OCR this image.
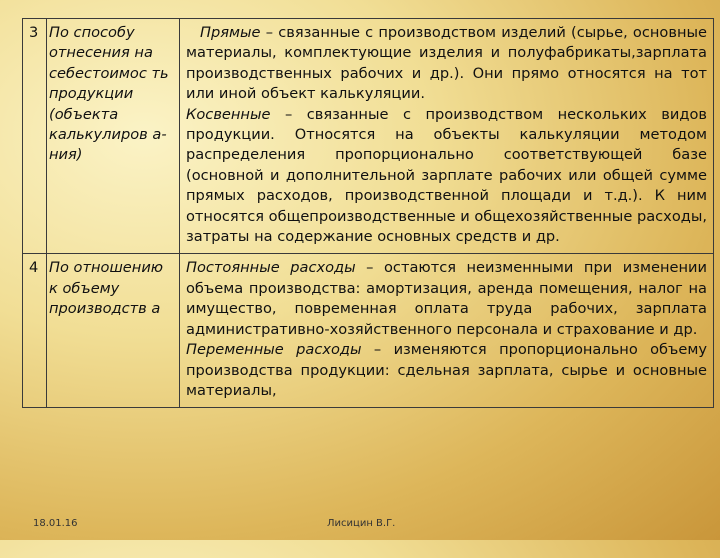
3	По способу отнесения на себестоимос ть продукции (объекта калькулиров а-ния)	Прямые – связанные с производством изделий (сырье, основные материалы, комплектующие изделия и полуфабрикаты,зарплата производственных рабочих и др.). Они прямо относятся на тот или иной объект калькуляции.
Косвенные – связанные с производством нескольких видов продукции. Относятся на объекты калькуляции методом распределения пропорционально соответствующей базе (основной и дополнительной зарплате рабочих или общей сумме прямых расходов, производственной площади и т.д.). К ним относятся общепроизводственные и общехозяйственные расходы, затраты на содержание основных средств и др.

4	По отношению к объему производств а	Постоянные расходы – остаются неизменными при изменении объема производства: амортизация, аренда помещения, налог на имущество, повременная оплата труда рабочих, зарплата административно-хозяйственного персонала и страхование и др.
Переменные расходы – изменяются пропорционально объему производства продукции: сдельная зарплата, сырье и основные материалы,
18.01.16	Лисицин В.Г.
